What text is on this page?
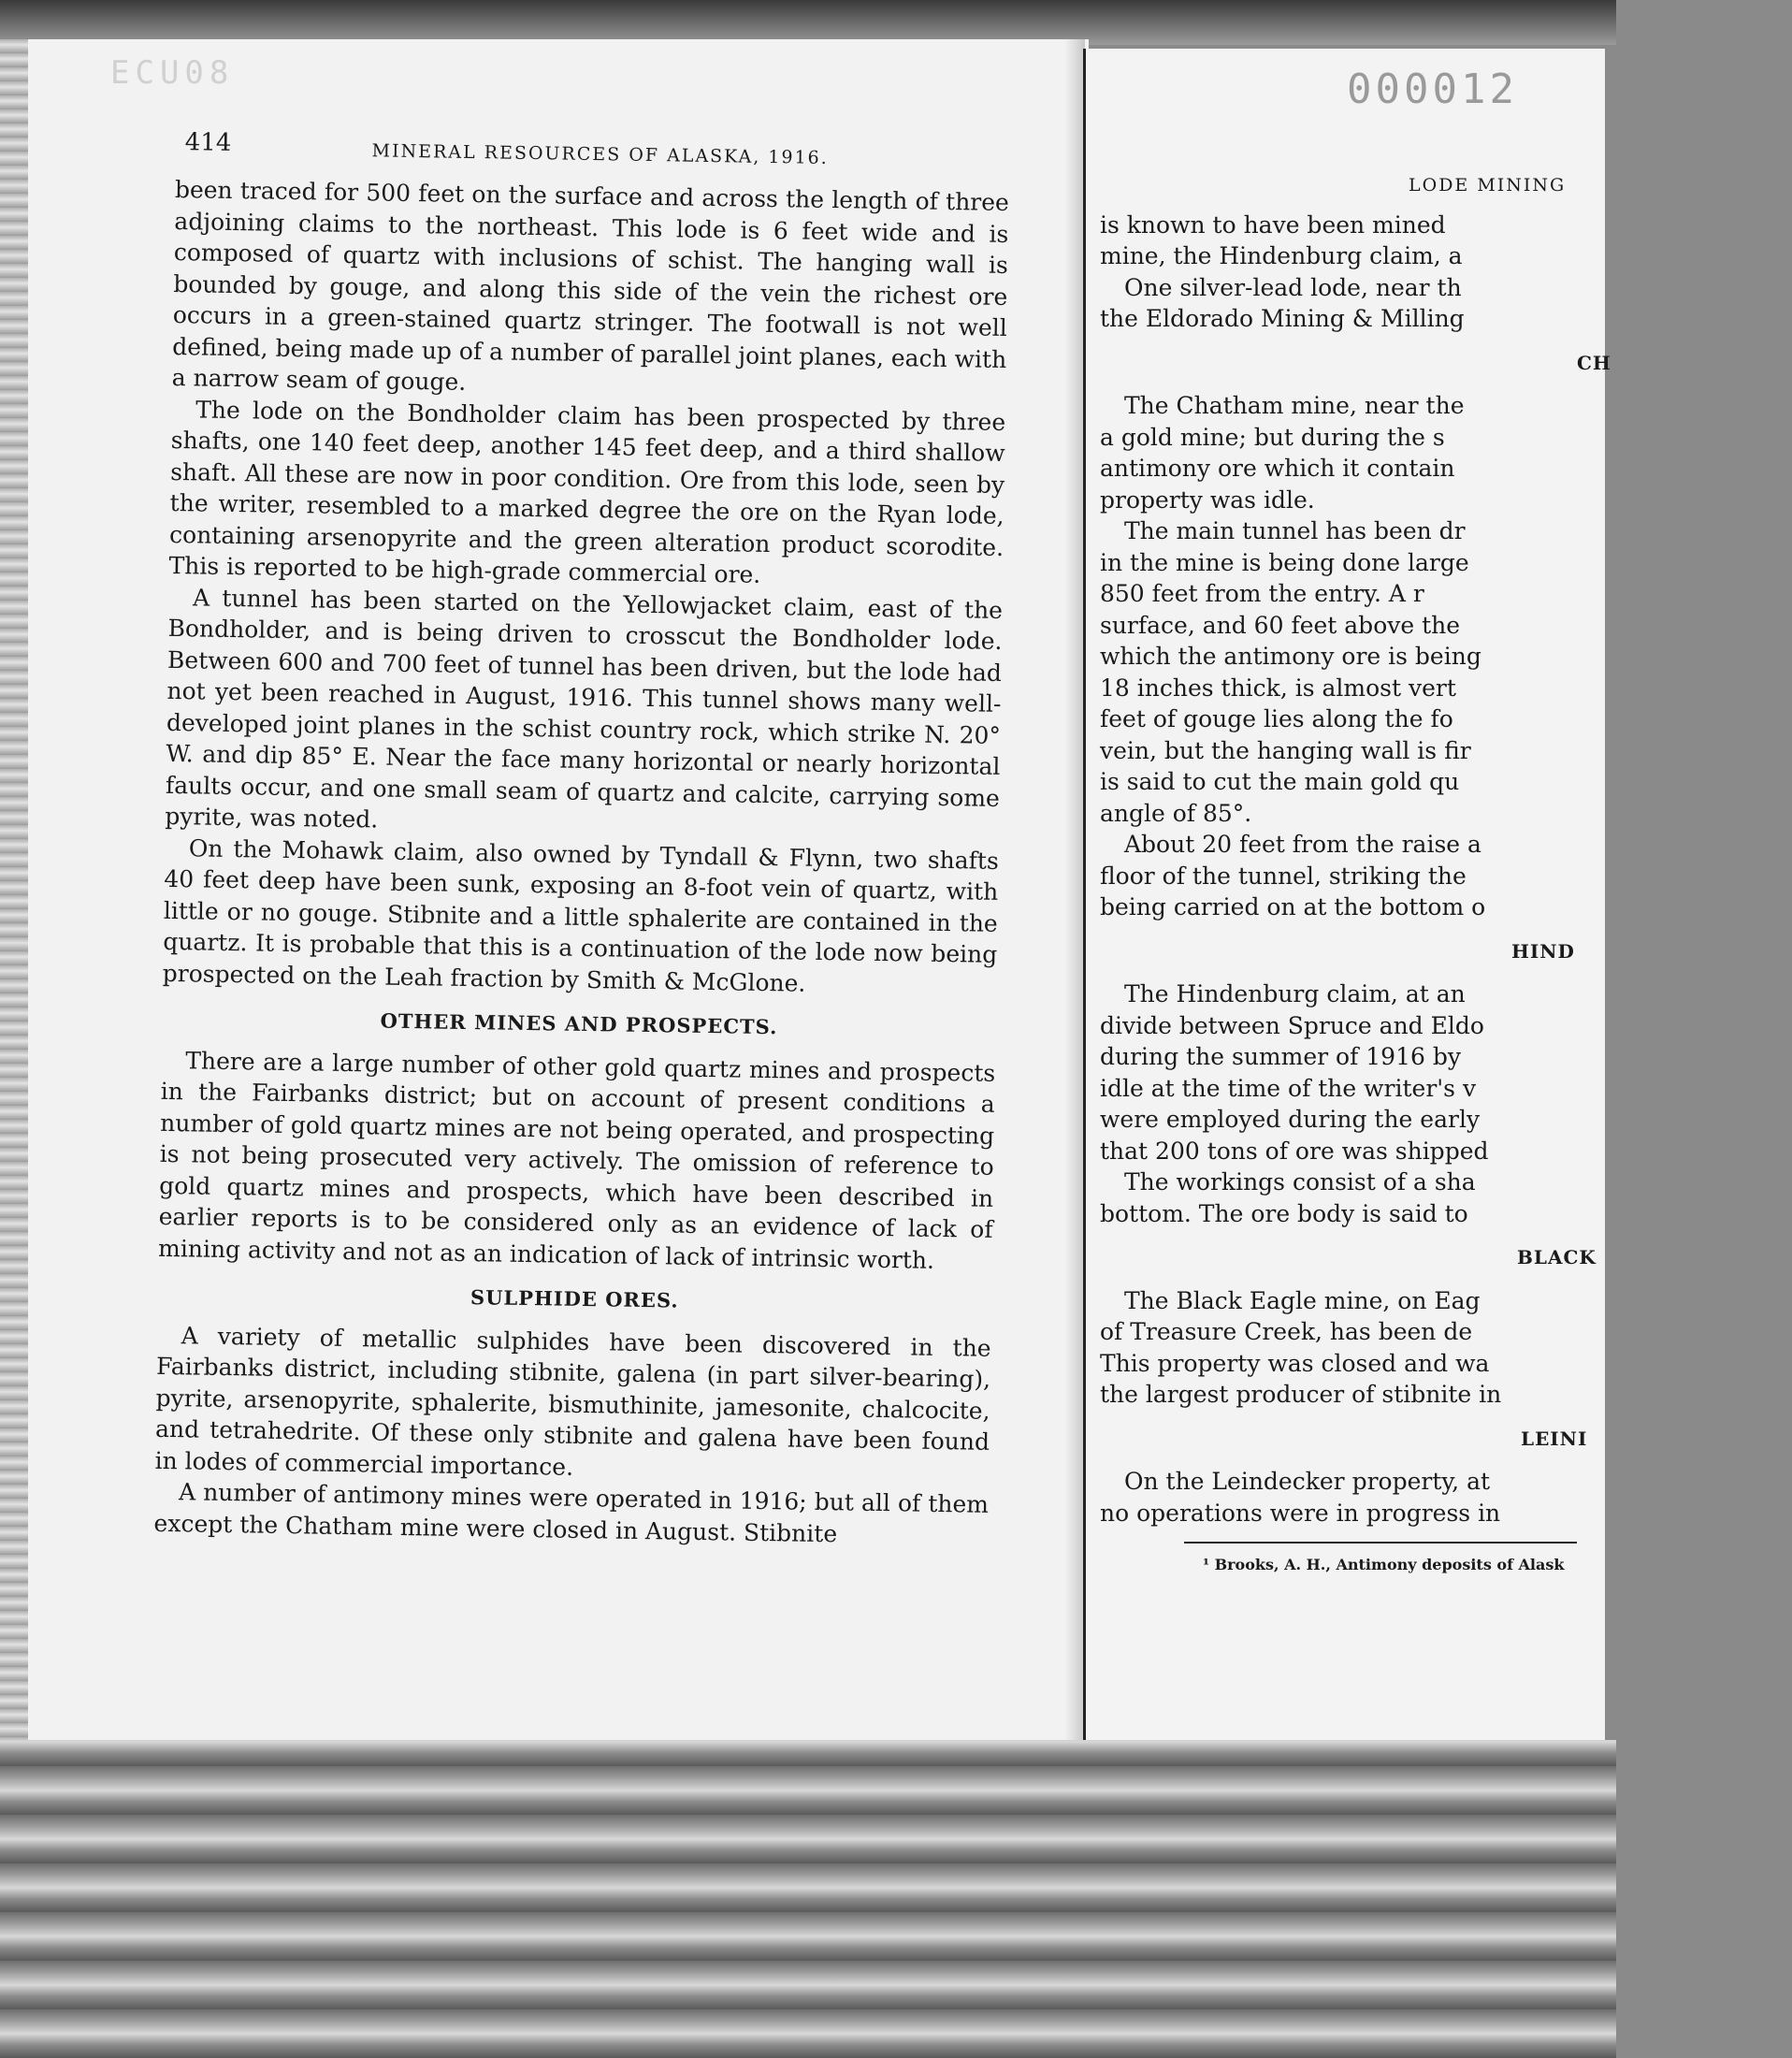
ECU08	000012
414	MINERAL RESOURCES OF ALASKA, 1916.

been traced for 500 feet on the surface and across the length of three adjoining claims to the northeast. This lode is 6 feet wide and is composed of quartz with inclusions of schist. The hanging wall is bounded by gouge, and along this side of the vein the richest ore occurs in a green-stained quartz stringer. The footwall is not well defined, being made up of a number of parallel joint planes, each with a narrow seam of gouge.

The lode on the Bondholder claim has been prospected by three shafts, one 140 feet deep, another 145 feet deep, and a third shallow shaft. All these are now in poor condition. Ore from this lode, seen by the writer, resembled to a marked degree the ore on the Ryan lode, containing arsenopyrite and the green alteration product scorodite. This is reported to be high-grade commercial ore.

A tunnel has been started on the Yellowjacket claim, east of the Bondholder, and is being driven to crosscut the Bondholder lode. Between 600 and 700 feet of tunnel has been driven, but the lode had not yet been reached in August, 1916. This tunnel shows many well-developed joint planes in the schist country rock, which strike N. 20° W. and dip 85° E. Near the face many horizontal or nearly horizontal faults occur, and one small seam of quartz and calcite, carrying some pyrite, was noted.

On the Mohawk claim, also owned by Tyndall & Flynn, two shafts 40 feet deep have been sunk, exposing an 8-foot vein of quartz, with little or no gouge. Stibnite and a little sphalerite are contained in the quartz. It is probable that this is a continuation of the lode now being prospected on the Leah fraction by Smith & McGlone.

OTHER MINES AND PROSPECTS.

There are a large number of other gold quartz mines and prospects in the Fairbanks district; but on account of present conditions a number of gold quartz mines are not being operated, and prospecting is not being prosecuted very actively. The omission of reference to gold quartz mines and prospects, which have been described in earlier reports is to be considered only as an evidence of lack of mining activity and not as an indication of lack of intrinsic worth.

SULPHIDE ORES.

A variety of metallic sulphides have been discovered in the Fairbanks district, including stibnite, galena (in part silver-bearing), pyrite, arsenopyrite, sphalerite, bismuthinite, jamesonite, chalcocite, and tetrahedrite. Of these only stibnite and galena have been found in lodes of commercial importance.

A number of antimony mines were operated in 1916; but all of them except the Chatham mine were closed in August. Stibnite

LODE MINING
is known to have been mined
mine, the Hindenburg claim, a
One silver-lead lode, near th
the Eldorado Mining & Milling
CH
The Chatham mine, near the
a gold mine; but during the s
antimony ore which it contain
property was idle.
The main tunnel has been dr
in the mine is being done large
850 feet from the entry. A r
surface, and 60 feet above the
which the antimony ore is being
18 inches thick, is almost vert
feet of gouge lies along the fo
vein, but the hanging wall is fir
is said to cut the main gold qu
angle of 85°.
About 20 feet from the raise a
floor of the tunnel, striking the
being carried on at the bottom o
HIND
The Hindenburg claim, at an
divide between Spruce and Eldo
during the summer of 1916 by
idle at the time of the writer's v
were employed during the early
that 200 tons of ore was shipped
The workings consist of a sha
bottom. The ore body is said to
BLACK
The Black Eagle mine, on Eag
of Treasure Creek, has been de
This property was closed and wa
the largest producer of stibnite in
LEINI
On the Leindecker property, at
no operations were in progress in
¹ Brooks, A. H., Antimony deposits of Alask
